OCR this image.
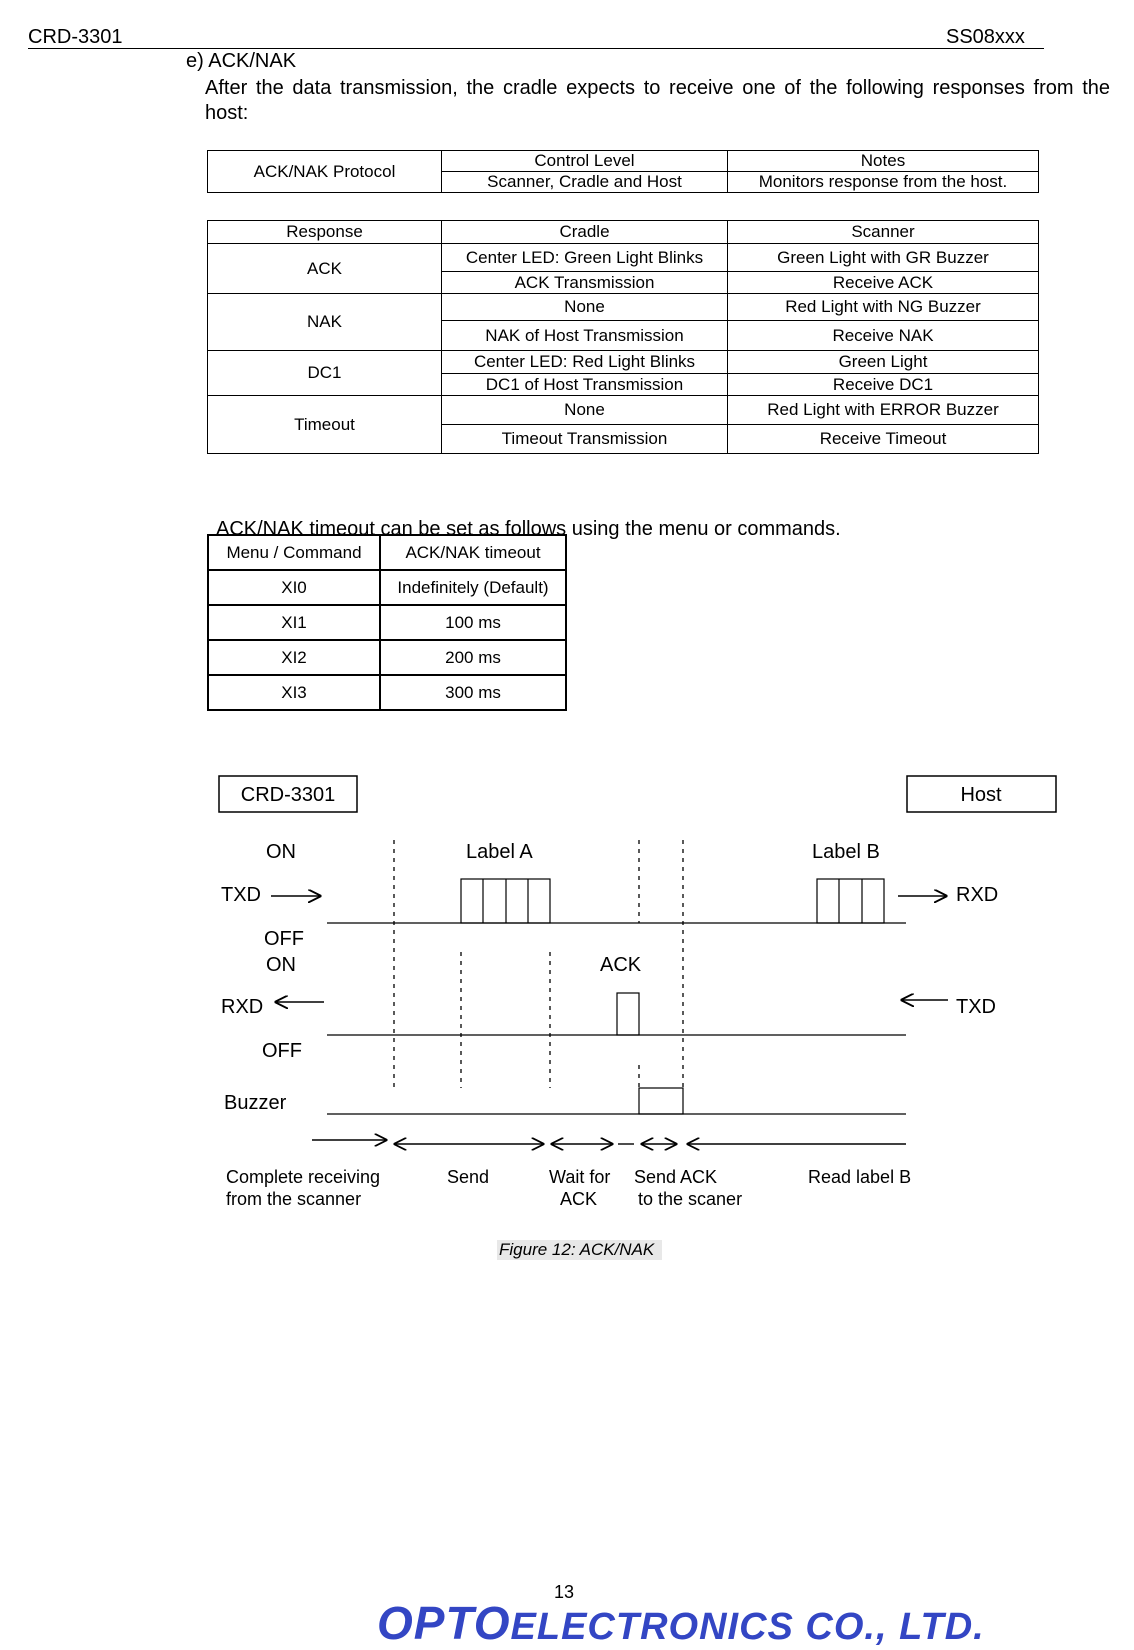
CRD-3301	SS08xxx
e) ACK/NAK
After the data transmission, the cradle expects to receive one of the following responses from the host:
ACK/NAK Protocol	Control Level	Notes
	Scanner, Cradle and Host	Monitors response from the host.
Response	Cradle	Scanner
ACK	Center LED: Green Light Blinks	Green Light with GR Buzzer
	ACK Transmission	Receive ACK
NAK	None	Red Light with NG Buzzer
	NAK of Host Transmission	Receive NAK
DC1	Center LED: Red Light Blinks	Green Light
	DC1 of Host Transmission	Receive DC1
Timeout	None	Red Light with ERROR Buzzer
	Timeout Transmission	Receive Timeout
ACK/NAK timeout can be set as follows using the menu or commands.
Menu / Command	ACK/NAK timeout
XI0	Indefinitely (Default)
XI1	100 ms
XI2	200 ms
XI3	300 ms
CRD-3301	Host
ON
TXD
OFF
ON
RXD
OFF
Buzzer
Label A	Label B
ACK
RXD
TXD
Complete receiving
from the scanner
Send	Wait for
ACK
Send ACK
to the scaner
Read label B
Figure 12: ACK/NAK
13
OPTOELECTRONICS CO., LTD.
